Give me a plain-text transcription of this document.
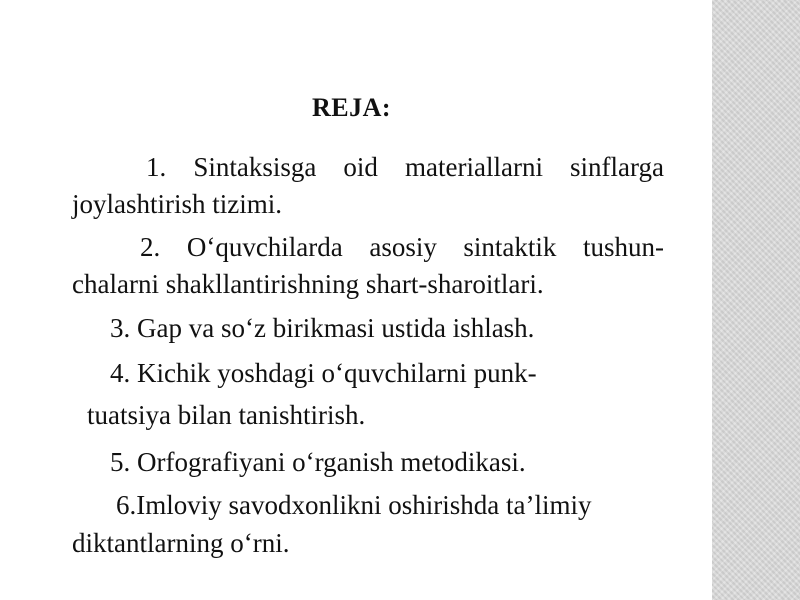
REJA:

1. Sintaksisga oid materiallarni sinflarga

joylashtirish tizimi.

2. O‘quvchilarda asosiy sintaktik tushun-

chalarni shakllantirishning shart-sharoitlari.

3. Gap va so‘z birikmasi ustida ishlash.

4. Kichik yoshdagi o‘quvchilarni punk-

tuatsiya bilan tanishtirish.

5. Orfografiyani o‘rganish metodikasi.

6.Imloviy savodxonlikni oshirishda ta’limiy

diktantlarning o‘rni.
